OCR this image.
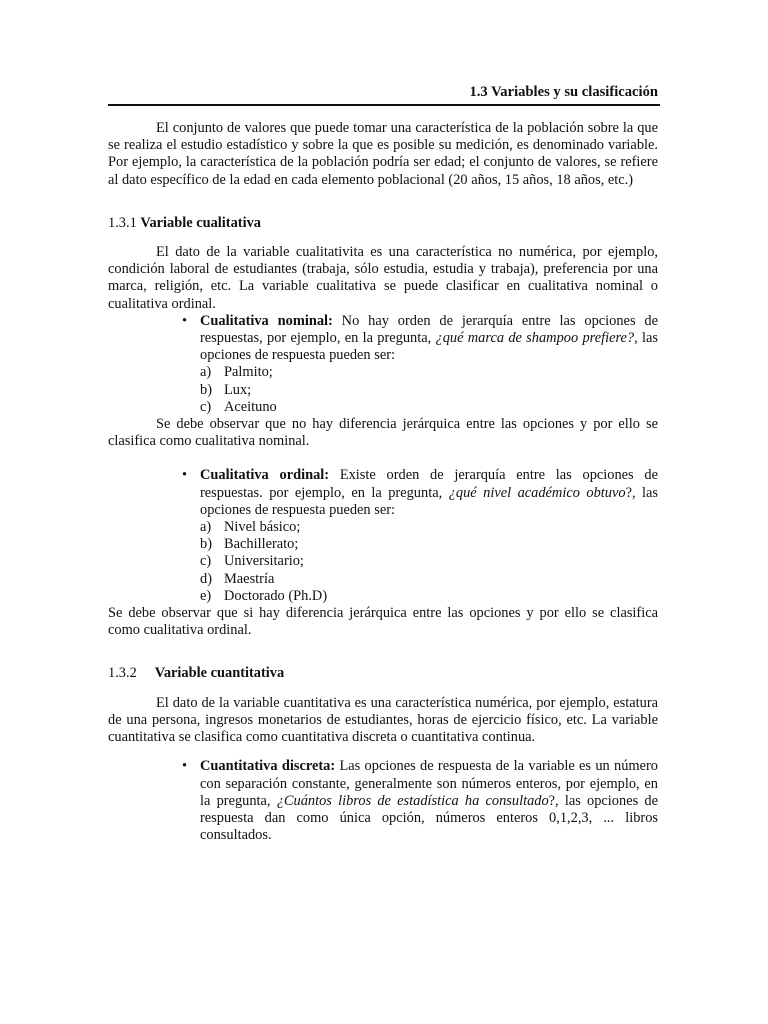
1.3 Variables y su clasificación

El conjunto de valores que puede tomar una característica de la población sobre la que se realiza el estudio estadístico y sobre la que es posible su medición, es denominado variable. Por ejemplo, la característica de la población podría ser edad; el conjunto de valores, se refiere al dato específico de la edad en cada elemento poblacional (20 años, 15 años, 18 años, etc.)

1.3.1 Variable cualitativa

El dato de la variable cualitativita es una característica no numérica, por ejemplo, condición laboral de estudiantes (trabaja, sólo estudia, estudia y trabaja), preferencia por una marca, religión, etc. La variable cualitativa se puede clasificar en cualitativa nominal o cualitativa ordinal.

• Cualitativa nominal: No hay orden de jerarquía entre las opciones de respuestas, por ejemplo, en la pregunta, ¿qué marca de shampoo prefiere?, las opciones de respuesta pueden ser:

a) Palmito;
b) Lux;
c) Aceituno

Se debe observar que no hay diferencia jerárquica entre las opciones y por ello se clasifica como cualitativa nominal.

• Cualitativa ordinal: Existe orden de jerarquía entre las opciones de respuestas. por ejemplo, en la pregunta, ¿qué nivel académico obtuvo?, las opciones de respuesta pueden ser:

a) Nivel básico;
b) Bachillerato;
c) Universitario;
d) Maestría
e) Doctorado (Ph.D)

Se debe observar que si hay diferencia jerárquica entre las opciones y por ello se clasifica como cualitativa ordinal.

1.3.2 Variable cuantitativa

El dato de la variable cuantitativa es una característica numérica, por ejemplo, estatura de una persona, ingresos monetarios de estudiantes, horas de ejercicio físico, etc. La variable cuantitativa se clasifica como cuantitativa discreta o cuantitativa continua.

• Cuantitativa discreta: Las opciones de respuesta de la variable es un número con separación constante, generalmente son números enteros, por ejemplo, en la pregunta, ¿Cuántos libros de estadística ha consultado?, las opciones de respuesta dan como única opción, números enteros 0,1,2,3, ... libros consultados.
